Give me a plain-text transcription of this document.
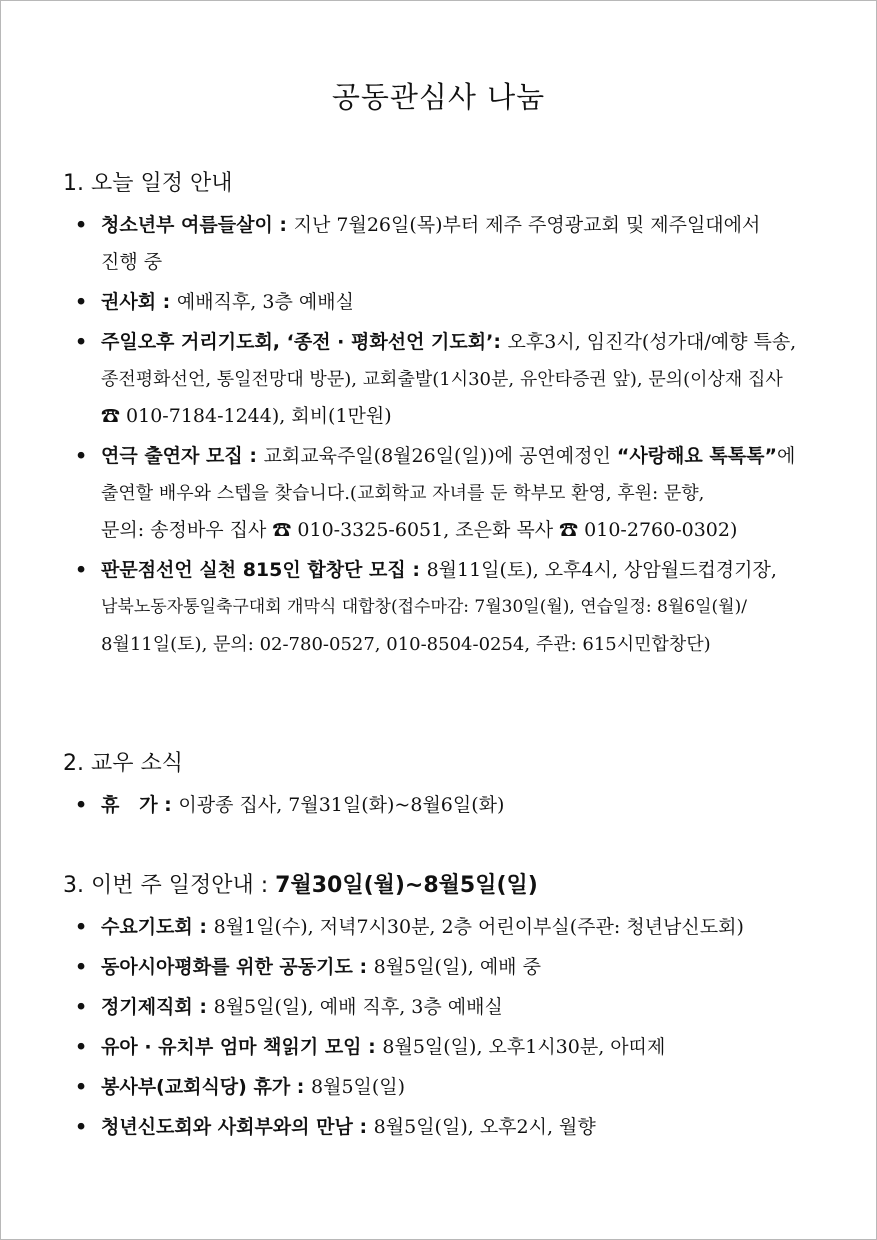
공동관심사 나눔
1. 오늘 일정 안내
• 청소년부 여름들살이 : 지난 7월26일(목)부터 제주 주영광교회 및 제주일대에서
진행 중
• 권사회 : 예배직후, 3층 예배실
• 주일오후 거리기도회, ‘종전 · 평화선언 기도회’: 오후3시, 임진각(성가대/예향 특송,
종전평화선언, 통일전망대 방문), 교회출발(1시30분, 유안타증권 앞), 문의(이상재 집사
☎ 010-7184-1244), 회비(1만원)
• 연극 출연자 모집 : 교회교육주일(8월26일(일))에 공연예정인 “사랑해요 톡톡톡”에
출연할 배우와 스텝을 찾습니다.(교회학교 자녀를 둔 학부모 환영, 후원: 문향,
문의: 송정바우 집사 ☎ 010-3325-6051, 조은화 목사 ☎ 010-2760-0302)
• 판문점선언 실천 815인 합창단 모집 : 8월11일(토), 오후4시, 상암월드컵경기장,
남북노동자통일축구대회 개막식 대합창(접수마감: 7월30일(월), 연습일정: 8월6일(월)/
8월11일(토), 문의: 02-780-0527, 010-8504-0254, 주관: 615시민합창단)
2. 교우 소식
• 휴   가 : 이광종 집사, 7월31일(화)~8월6일(화)
3. 이번 주 일정안내 : 7월30일(월)~8월5일(일)
• 수요기도회 : 8월1일(수), 저녁7시30분, 2층 어린이부실(주관: 청년남신도회)
• 동아시아평화를 위한 공동기도 : 8월5일(일), 예배 중
• 정기제직회 : 8월5일(일), 예배 직후, 3층 예배실
• 유아 · 유치부 엄마 책읽기 모임 : 8월5일(일), 오후1시30분, 아띠제
• 봉사부(교회식당) 휴가 : 8월5일(일)
• 청년신도회와 사회부와의 만남 : 8월5일(일), 오후2시, 월향
